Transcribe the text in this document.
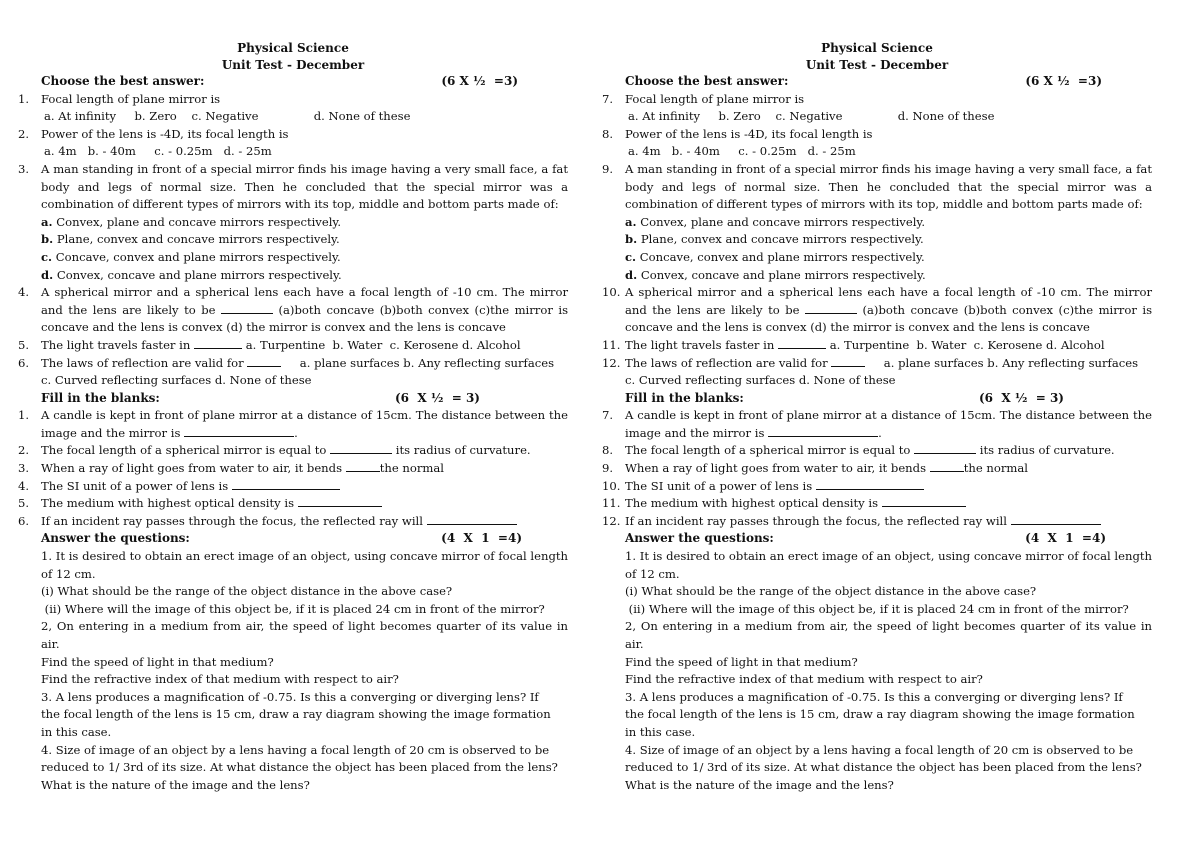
Physical Science
Unit Test - December
Choose the best answer:	(6 X ½  =3)
1.	Focal length of plane mirror is
a. At infinity     b. Zero    c. Negative               d. None of these
2.	Power of the lens is -4D, its focal length is
a. 4m   b. - 40m     c. - 0.25m   d. - 25m
3.	A man standing in front of a special mirror finds his image having a very small face, a fat body and legs of normal size. Then he concluded that the special mirror was a combination of different types of mirrors with its top, middle and bottom parts made of:
a. Convex, plane and concave mirrors respectively.
b. Plane, convex and concave mirrors respectively.
c. Concave, convex and plane mirrors respectively.
d. Convex, concave and plane mirrors respectively.
4.	A spherical mirror and a spherical lens each have a focal length of -10 cm. The mirror and the lens are likely to be	(a)both concave (b)both convex (c)the mirror is concave and the lens is convex (d) the mirror is convex and the lens is concave
5.	The light travels faster in	a. Turpentine  b. Water  c. Kerosene d. Alcohol
6.	The laws of reflection are valid for	a. plane surfaces b. Any reflecting surfaces
c. Curved reflecting surfaces d. None of these
Fill in the blanks:	(6  X ½  = 3)
1.	A candle is kept in front of plane mirror at a distance of 15cm. The distance between the image and the mirror is	.
2.	The focal length of a spherical mirror is equal to	its radius of curvature.
3.	When a ray of light goes from water to air, it bends	the normal
4.	The SI unit of a power of lens is
5.	The medium with highest optical density is
6.	If an incident ray passes through the focus, the reflected ray will
Answer the questions:	(4  X  1  =4)
1. It is desired to obtain an erect image of an object, using concave mirror of focal length of 12 cm.
(i) What should be the range of the object distance in the above case?
(ii) Where will the image of this object be, if it is placed 24 cm in front of the mirror?
2, On entering in a medium from air, the speed of light becomes quarter of its value in air.
Find the speed of light in that medium?
Find the refractive index of that medium with respect to air?
3. A lens produces a magnification of -0.75. Is this a converging or diverging lens? If the focal length of the lens is 15 cm, draw a ray diagram showing the image formation in this case.
4. Size of image of an object by a lens having a focal length of 20 cm is observed to be reduced to 1/ 3rd of its size. At what distance the object has been placed from the lens? What is the nature of the image and the lens?
Physical Science
Unit Test - December
Choose the best answer:	(6 X ½  =3)
7.	Focal length of plane mirror is
a. At infinity     b. Zero    c. Negative               d. None of these
8.	Power of the lens is -4D, its focal length is
a. 4m   b. - 40m     c. - 0.25m   d. - 25m
9.	A man standing in front of a special mirror finds his image having a very small face, a fat body and legs of normal size. Then he concluded that the special mirror was a combination of different types of mirrors with its top, middle and bottom parts made of:
a. Convex, plane and concave mirrors respectively.
b. Plane, convex and concave mirrors respectively.
c. Concave, convex and plane mirrors respectively.
d. Convex, concave and plane mirrors respectively.
10. A spherical mirror and a spherical lens each have a focal length of -10 cm. The mirror and the lens are likely to be	(a)both concave (b)both convex (c)the mirror is concave and the lens is convex (d) the mirror is convex and the lens is concave
11. The light travels faster in	a. Turpentine  b. Water  c. Kerosene d. Alcohol
12. The laws of reflection are valid for	a. plane surfaces b. Any reflecting surfaces
c. Curved reflecting surfaces d. None of these
Fill in the blanks:	(6  X ½  = 3)
7.	A candle is kept in front of plane mirror at a distance of 15cm. The distance between the image and the mirror is	.
8.	The focal length of a spherical mirror is equal to	its radius of curvature.
9.	When a ray of light goes from water to air, it bends	the normal
10. The SI unit of a power of lens is
11. The medium with highest optical density is
12. If an incident ray passes through the focus, the reflected ray will
Answer the questions:	(4  X  1  =4)
1. It is desired to obtain an erect image of an object, using concave mirror of focal length of 12 cm.
(i) What should be the range of the object distance in the above case?
(ii) Where will the image of this object be, if it is placed 24 cm in front of the mirror?
2, On entering in a medium from air, the speed of light becomes quarter of its value in air.
Find the speed of light in that medium?
Find the refractive index of that medium with respect to air?
3. A lens produces a magnification of -0.75. Is this a converging or diverging lens? If the focal length of the lens is 15 cm, draw a ray diagram showing the image formation in this case.
4. Size of image of an object by a lens having a focal length of 20 cm is observed to be reduced to 1/ 3rd of its size. At what distance the object has been placed from the lens? What is the nature of the image and the lens?
